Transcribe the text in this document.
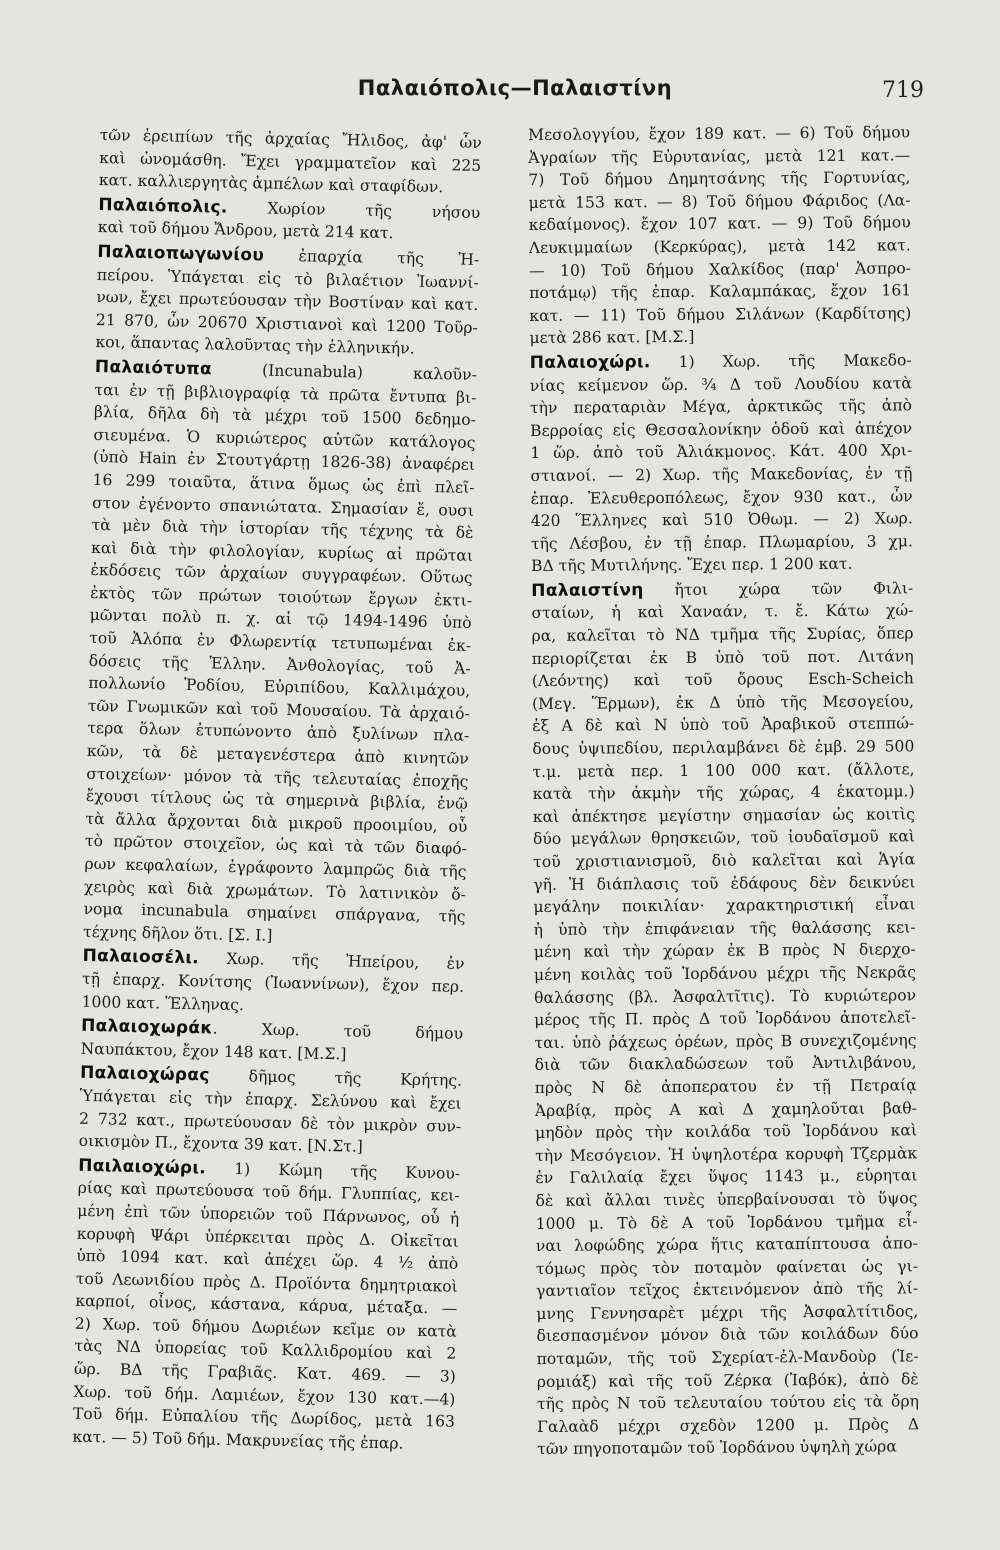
Παλαιόπολις—Παλαιστίνη	719
τῶν ἐρειπίων τῆς ἀρχαίας Ἤλιδος, ἀφ' ὧν
καὶ ὠνομάσθη. Ἔχει γραμματεῖον καὶ 225
κατ. καλλιεργητὰς ἀμπέλων καὶ σταφίδων.
Παλαιόπολις. Χωρίον τῆς νήσου
καὶ τοῦ δήμου Ἄνδρου, μετὰ 214 κατ.
Παλαιοπωγωνίου ἐπαρχία τῆς Ἠ-
πείρου. Ὑπάγεται εἰς τὸ βιλαέτιον Ἰωαννί-
νων, ἔχει πρωτεύουσαν τὴν Βοστίναν καὶ κατ.
21 870, ὧν 20670 Χριστιανοὶ καὶ 1200 Τοῦρ-
κοι, ἅπαντας λαλοῦντας τὴν ἑλληνικήν.
Παλαιότυπα (Incunabula) καλοῦν-
ται ἐν τῇ βιβλιογραφίᾳ τὰ πρῶτα ἔντυπα βι-
βλία, δῆλα δὴ τὰ μέχρι τοῦ 1500 δεδημο-
σιευμένα. Ὁ κυριώτερος αὐτῶν κατάλογος
(ὑπὸ Hain ἐν Στουτγάρτῃ 1826-38) ἀναφέρει
16 299 τοιαῦτα, ἅτινα ὅμως ὡς ἐπὶ πλεῖ-
στον ἐγένοντο σπανιώτατα. Σημασίαν ἔ, ουσι
τὰ μὲν διὰ τὴν ἱστορίαν τῆς τέχνης τὰ δὲ
καὶ διὰ τὴν φιλολογίαν, κυρίως αἱ πρῶται
ἐκδόσεις τῶν ἀρχαίων συγγραφέων. Οὕτως
ἐκτὸς τῶν πρώτων τοιούτων ἔργων ἐκτι-
μῶνται πολὺ π. χ. αἱ τῷ 1494-1496 ὑπὸ
τοῦ Ἀλόπα ἐν Φλωρεντίᾳ τετυπωμέναι ἐκ-
δόσεις τῆς Ἑλλην. Ἀνθολογίας, τοῦ Ἀ-
πολλωνίο Ῥοδίου, Εὐριπίδου, Καλλιμάχου,
τῶν Γνωμικῶν καὶ τοῦ Μουσαίου. Τὰ ἀρχαιό-
τερα ὅλων ἐτυπώνοντο ἀπὸ ξυλίνων πλα-
κῶν, τὰ δὲ μεταγενέστερα ἀπὸ κινητῶν
στοιχείων· μόνον τὰ τῆς τελευταίας ἐποχῆς
ἔχουσι τίτλους ὡς τὰ σημερινὰ βιβλία, ἐνῷ
τὰ ἄλλα ἄρχονται διὰ μικροῦ προοιμίου, οὗ
τὸ πρῶτον στοιχεῖον, ὡς καὶ τὰ τῶν διαφό-
ρων κεφαλαίων, ἐγράφοντο λαμπρῶς διὰ τῆς
χειρὸς καὶ διὰ χρωμάτων. Τὸ λατινικὸν ὄ-
νομα incunabula σημαίνει σπάργανα, τῆς
τέχνης δῆλον ὅτι. [Σ. Ι.]
Παλαιοσέλι. Χωρ. τῆς Ἠπείρου, ἐν
τῇ ἐπαρχ. Κονίτσης (Ἰωαννίνων), ἔχον περ.
1000 κατ. Ἕλληνας.
Παλαιοχωράκ. Χωρ. τοῦ δήμου
Ναυπάκτου, ἔχον 148 κατ. [Μ.Σ.]
Παλαιοχώρας δῆμος τῆς Κρήτης.
Ὑπάγεται εἰς τὴν ἐπαρχ. Σελύνου καὶ ἔχει
2 732 κατ., πρωτεύουσαν δὲ τὸν μικρὸν συν-
οικισμὸν Π., ἔχοντα 39 κατ. [Ν.Στ.]
Παιλαιοχώρι. 1) Κώμη τῆς Κυνου-
ρίας καὶ πρωτεύουσα τοῦ δήμ. Γλυππίας, κει-
μένη ἐπὶ τῶν ὑπορειῶν τοῦ Πάρνωνος, οὗ ἡ
κορυφὴ Ψάρι ὑπέρκειται πρὸς Δ. Οἰκεῖται
ὑπὸ 1094 κατ. καὶ ἀπέχει ὥρ. 4 ½ ἀπὸ
τοῦ Λεωνιδίου πρὸς Δ. Προϊόντα δημητριακοὶ
καρποί, οἶνος, κάστανα, κάρυα, μέταξα. —
2) Χωρ. τοῦ δήμου Δωριέων κεῖμε ον κατὰ
τὰς ΝΔ ὑπορείας τοῦ Καλλιδρομίου καὶ 2
ὥρ. ΒΔ τῆς Γραβιᾶς. Κατ. 469. — 3)
Χωρ. τοῦ δήμ. Λαμιέων, ἔχον 130 κατ.—4)
Τοῦ δήμ. Εὐπαλίου τῆς Δωρίδος, μετὰ 163
κατ. — 5) Τοῦ δήμ. Μακρυνείας τῆς ἐπαρ.
Μεσολογγίου, ἔχον 189 κατ. — 6) Τοῦ δήμου
Ἀγραίων τῆς Εὐρυτανίας, μετὰ 121 κατ.—
7) Τοῦ δήμου Δημητσάνης τῆς Γορτυνίας,
μετὰ 153 κατ. — 8) Τοῦ δήμου Φάριδος (Λα-
κεδαίμονος). ἔχον 107 κατ. — 9) Τοῦ δήμου
Λευκιμμαίων (Κερκύρας), μετὰ 142 κατ.
— 10) Τοῦ δήμου Χαλκίδος (παρ' Ἀσπρο-
ποτάμῳ) τῆς ἐπαρ. Καλαμπάκας, ἔχον 161
κατ. — 11) Τοῦ δήμου Σιλάνων (Καρδίτσης)
μετὰ 286 κατ. [Μ.Σ.]
Παλαιοχώρι. 1) Χωρ. τῆς Μακεδο-
νίας κείμενον ὥρ. ¾ Δ τοῦ Λουδίου κατὰ
τὴν περαταριὰν Μέγα, ἀρκτικῶς τῆς ἀπὸ
Βερροίας εἰς Θεσσαλονίκην ὁδοῦ καὶ ἀπέχον
1 ὥρ. ἀπὸ τοῦ Ἀλιάκμονος. Κάτ. 400 Χρι-
στιανοί. — 2) Χωρ. τῆς Μακεδονίας, ἐν τῇ
ἐπαρ. Ἐλευθεροπόλεως, ἔχον 930 κατ., ὧν
420 Ἕλληνες καὶ 510 Ὀθωμ. — 2) Χωρ.
τῆς Λέσβου, ἐν τῇ ἐπαρ. Πλωμαρίου, 3 χμ.
ΒΔ τῆς Μυτιλήνης. Ἔχει περ. 1 200 κατ.
Παλαιστίνη ἤτοι χώρα τῶν Φιλι-
σταίων, ἡ καὶ Χαναάν, τ. ἔ. Κάτω χώ-
ρα, καλεῖται τὸ ΝΔ τμῆμα τῆς Συρίας, ὅπερ
περιορίζεται ἐκ Β ὑπὸ τοῦ ποτ. Λιτάνη
(Λεόντης) καὶ τοῦ ὄρους Esch-Scheich
(Μεγ. Ἕρμων), ἐκ Δ ὑπὸ τῆς Μεσογείου,
ἐξ Α δὲ καὶ Ν ὑπὸ τοῦ Ἀραβικοῦ στεππώ-
δους ὑψιπεδίου, περιλαμβάνει δὲ ἐμβ. 29 500
τ.μ. μετὰ περ. 1 100 000 κατ. (ἄλλοτε,
κατὰ τὴν ἀκμὴν τῆς χώρας, 4 ἑκατομμ.)
καὶ ἀπέκτησε μεγίστην σημασίαν ὡς κοιτὶς
δύο μεγάλων θρησκειῶν, τοῦ ἰουδαϊσμοῦ καὶ
τοῦ χριστιανισμοῦ, διὸ καλεῖται καὶ Ἁγία
γῆ. Ἡ διάπλασις τοῦ ἐδάφους δὲν δεικνύει
μεγάλην ποικιλίαν· χαρακτηριστική εἶναι
ἡ ὑπὸ τὴν ἐπιφάνειαν τῆς θαλάσσης κει-
μένη καὶ τὴν χώραν ἐκ Β πρὸς Ν διερχο-
μένη κοιλὰς τοῦ Ἰορδάνου μέχρι τῆς Νεκρᾶς
θαλάσσης (βλ. Ἀσφαλτῖτις). Τὸ κυριώτερον
μέρος τῆς Π. πρὸς Δ τοῦ Ἰορδάνου ἀποτελεῖ-
ται. ὑπὸ ῥάχεως ὀρέων, πρὸς Β συνεχιζομένης
διὰ τῶν διακλαδώσεων τοῦ Ἀντιλιβάνου,
πρὸς Ν δὲ ἀποπερατου ἐν τῇ Πετραίᾳ
Ἀραβίᾳ, πρὸς Α καὶ Δ χαμηλοῦται βαθ-
μηδὸν πρὸς τὴν κοιλάδα τοῦ Ἰορδάνου καὶ
τὴν Μεσόγειον. Ἡ ὑψηλοτέρα κορυφὴ Τζερμὰκ
ἐν Γαλιλαίᾳ ἔχει ὕψος 1143 μ., εὑρηται
δὲ καὶ ἄλλαι τινὲς ὑπερβαίνουσαι τὸ ὕψος
1000 μ. Τὸ δὲ Α τοῦ Ἰορδάνου τμῆμα εἶ-
ναι λοφώδης χώρα ἥτις καταπίπτουσα ἀπο-
τόμως πρὸς τὸν ποταμὸν φαίνεται ὡς γι-
γαντιαῖον τεῖχος ἐκτεινόμενον ἀπὸ τῆς λί-
μνης Γεννησαρὲτ μέχρι τῆς Ἀσφαλτίτιδος,
διεσπασμένον μόνον διὰ τῶν κοιλάδων δύο
ποταμῶν, τῆς τοῦ Σχερίατ-ἐλ-Μανδοὺρ (Ἱε-
ρομιάξ) καὶ τῆς τοῦ Ζέρκα (Ἰαβόκ), ἀπὸ δὲ
τῆς πρὸς Ν τοῦ τελευταίου τούτου εἰς τὰ ὄρη
Γαλαὰδ μέχρι σχεδὸν 1200 μ. Πρὸς Δ
τῶν πηγοποταμῶν τοῦ Ἰορδάνου ὑψηλὴ χώρα
